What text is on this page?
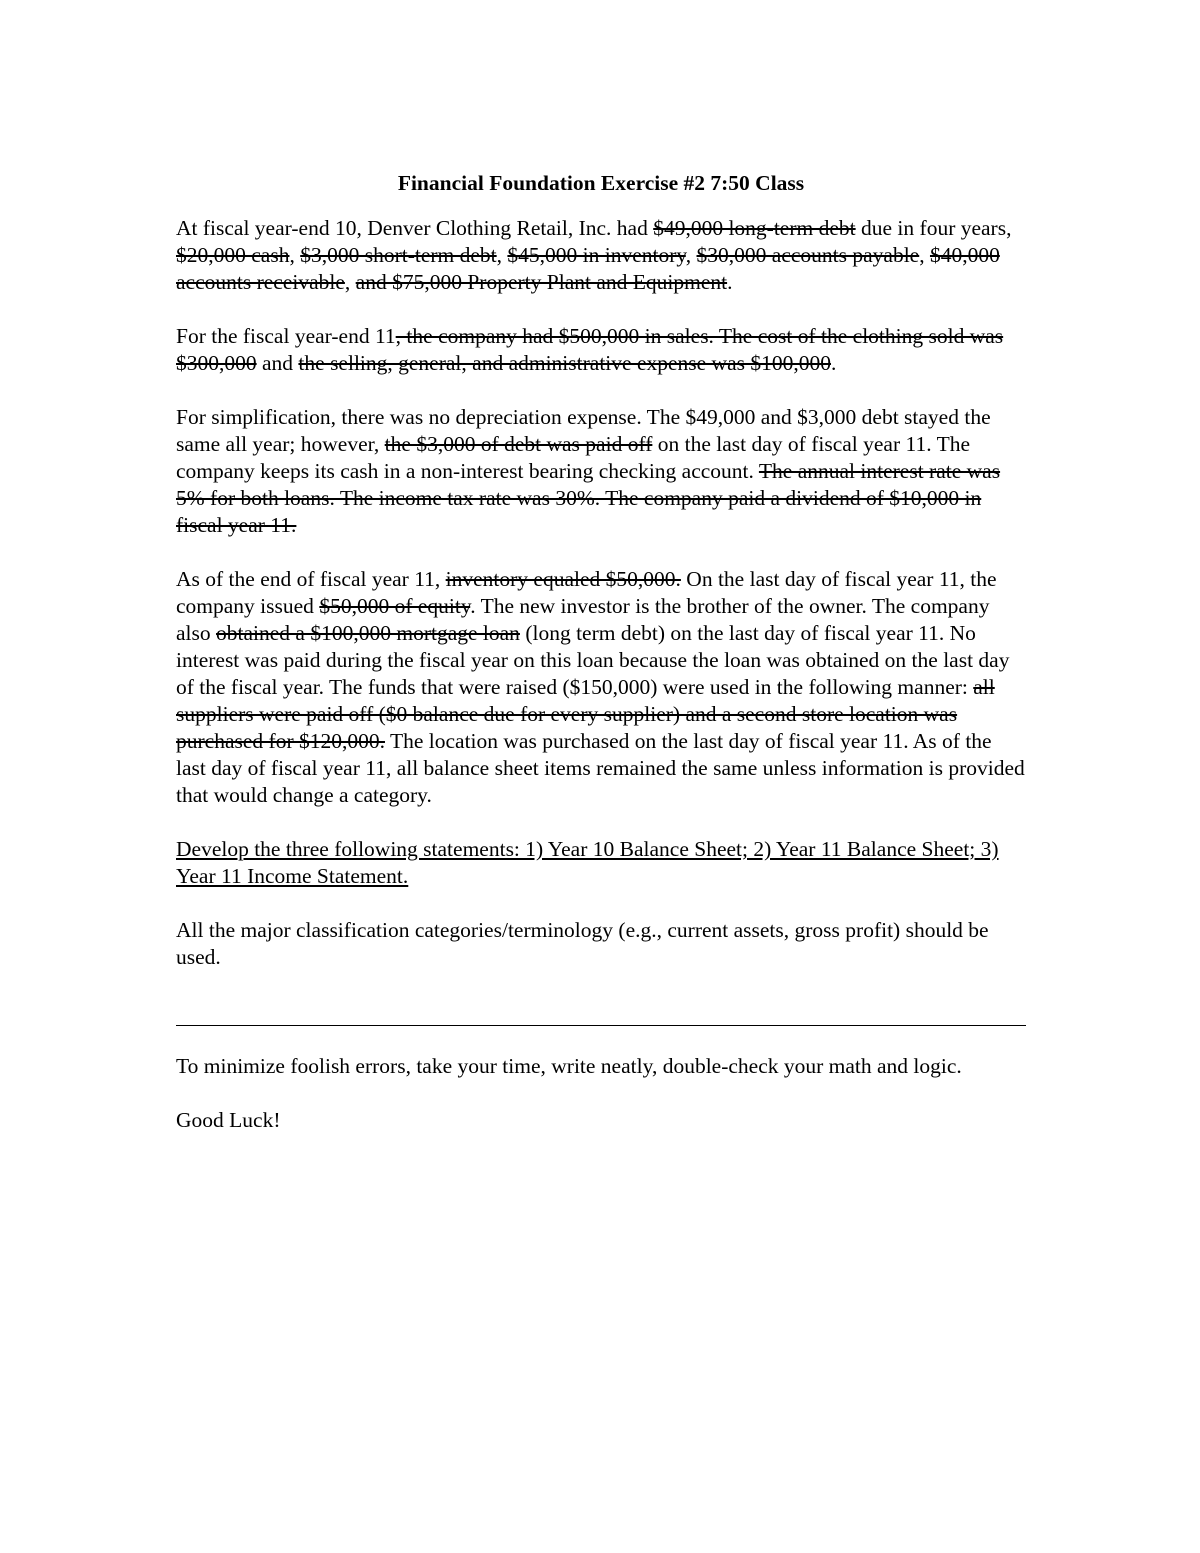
Financial Foundation Exercise #2 7:50 Class

At fiscal year-end 10, Denver Clothing Retail, Inc. had $49,000 long-term debt due in four years, $20,000 cash, $3,000 short-term debt, $45,000 in inventory, $30,000 accounts payable, $40,000 accounts receivable, and $75,000 Property Plant and Equipment.

For the fiscal year-end 11, the company had $500,000 in sales. The cost of the clothing sold was $300,000 and the selling, general, and administrative expense was $100,000.

For simplification, there was no depreciation expense. The $49,000 and $3,000 debt stayed the same all year; however, the $3,000 of debt was paid off on the last day of fiscal year 11. The company keeps its cash in a non-interest bearing checking account. The annual interest rate was 5% for both loans. The income tax rate was 30%. The company paid a dividend of $10,000 in fiscal year 11.

As of the end of fiscal year 11, inventory equaled $50,000. On the last day of fiscal year 11, the company issued $50,000 of equity. The new investor is the brother of the owner. The company also obtained a $100,000 mortgage loan (long term debt) on the last day of fiscal year 11. No interest was paid during the fiscal year on this loan because the loan was obtained on the last day of the fiscal year. The funds that were raised ($150,000) were used in the following manner: all suppliers were paid off ($0 balance due for every supplier) and a second store location was purchased for $120,000. The location was purchased on the last day of fiscal year 11. As of the last day of fiscal year 11, all balance sheet items remained the same unless information is provided that would change a category.

Develop the three following statements: 1) Year 10 Balance Sheet; 2) Year 11 Balance Sheet; 3) Year 11 Income Statement.

All the major classification categories/terminology (e.g., current assets, gross profit) should be used.

To minimize foolish errors, take your time, write neatly, double-check your math and logic.

Good Luck!
